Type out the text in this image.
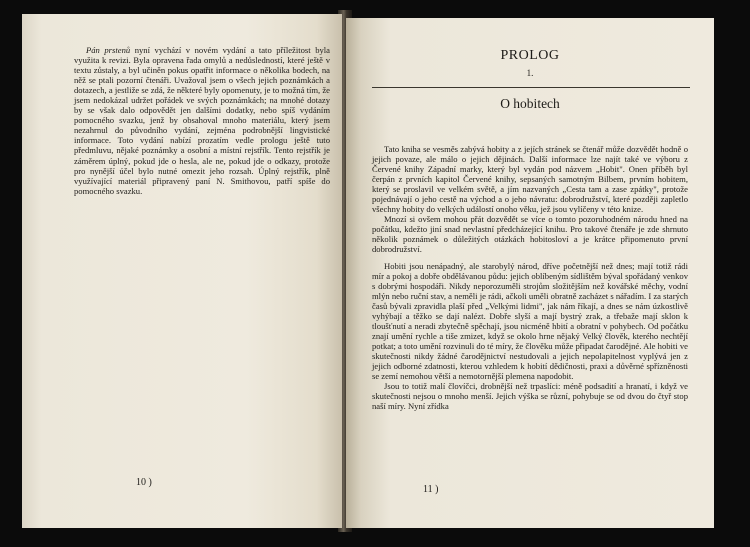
Pán prstenů nyní vychází v novém vydání a tato příležitost byla využita k revizi. Byla opravena řada omylů a nedůsledností, které ještě v textu zůstaly, a byl učiněn pokus opatřit informace o několika bodech, na něž se ptali pozorní čtenáři. Uvažoval jsem o všech jejich poznámkách a dotazech, a jestliže se zdá, že některé byly opomenuty, je to možná tím, že jsem nedokázal udržet pořádek ve svých poznámkách; na mnohé dotazy by se však dalo odpovědět jen dalšími dodatky, nebo spíš vydáním pomocného svazku, jenž by obsahoval mnoho materiálu, který jsem nezahrnul do původního vydání, zejména podrobnější lingvistické informace. Toto vydání nabízí prozatím vedle prologu ještě tuto předmluvu, nějaké poznámky a osobní a místní rejstřík. Tento rejstřík je záměrem úplný, pokud jde o hesla, ale ne, pokud jde o odkazy, protože pro nynější účel bylo nutné omezit jeho rozsah. Úplný rejstřík, plně využívající materiál připravený paní N. Smithovou, patří spíše do pomocného svazku.

10 )
PROLOG
1.
O hobitech

Tato kniha se vesměs zabývá hobity a z jejích stránek se čtenář může dozvědět hodně o jejich povaze, ale málo o jejich dějinách. Další informace lze najít také ve výboru z Červené knihy Západní marky, který byl vydán pod názvem „Hobit". Onen příběh byl čerpán z prvních kapitol Červené knihy, sepsaných samotným Bilbem, prvním hobitem, který se proslavil ve velkém světě, a jím nazvaných „Cesta tam a zase zpátky", protože pojednávají o jeho cestě na východ a o jeho návratu: dobrodružství, které později zapletlo všechny hobity do velkých událostí onoho věku, jež jsou vylíčeny v této knize.

Mnozí si ovšem mohou přát dozvědět se více o tomto pozoruhodném národu hned na počátku, kdežto jiní snad nevlastní předcházející knihu. Pro takové čtenáře je zde shrnuto několik poznámek o důležitých otázkách hobitosloví a je krátce připomenuto první dobrodružství.

Hobiti jsou nenápadný, ale starobylý národ, dříve početnější než dnes; mají totiž rádi mír a pokoj a dobře obdělávanou půdu: jejich oblíbeným sídlištěm býval spořádaný venkov s dobrými hospodáři. Nikdy neporozuměli strojům složitějším než kovářské měchy, vodní mlýn nebo ruční stav, a neměli je rádi, ačkoli uměli obratně zacházet s nářadím. I za starých časů bývali zpravidla plaší před „Velkými lidmi", jak nám říkají, a dnes se nám úzkostlivě vyhýbají a těžko se dají nalézt. Dobře slyší a mají bystrý zrak, a třebaže mají sklon k tloušťnutí a neradi zbytečně spěchají, jsou nicméně hbití a obratní v pohybech. Od počátku znají umění rychle a tiše zmizet, když se okolo hrne nějaký Velký člověk, kterého nechtějí potkat; a toto umění rozvinuli do té míry, že člověku může připadat čarodějné. Ale hobiti ve skutečnosti nikdy žádné čarodějnictví nestudovali a jejich nepolapitelnost vyplývá jen z jejich odborné zdatnosti, kterou vzhledem k hobití dědičnosti, praxi a důvěrné spřízněnosti se zemí nemohou větší a nemotornější plemena napodobit.

Jsou to totiž malí človíčci, drobnější než trpaslíci: méně podsadití a hranatí, i když ve skutečnosti nejsou o mnoho menší. Jejich výška se různí, pohybuje se od dvou do čtyř stop naší míry. Nyní zřídka

11 )
